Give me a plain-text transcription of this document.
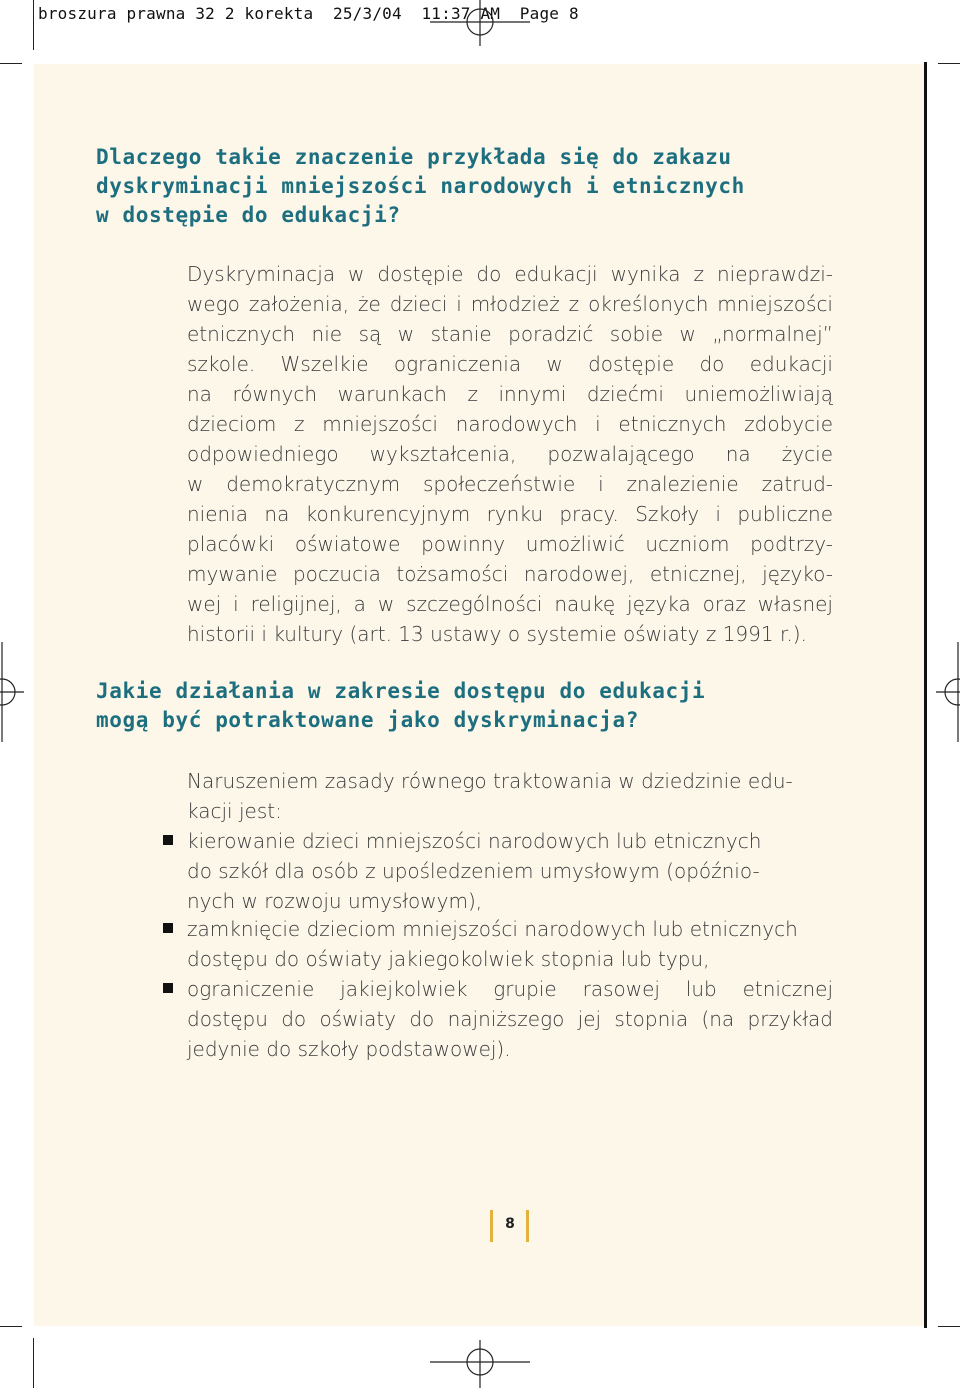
broszura prawna 32 2 korekta  25/3/04  11:37 AM  Page 8
Dlaczego takie znaczenie przykłada się do zakazu
dyskryminacji mniejszości narodowych i etnicznych
w dostępie do edukacji?
Dyskryminacja w dostępie do edukacji wynika z nieprawdzi-
wego założenia, że dzieci i młodzież z określonych mniejszości
etnicznych nie są w stanie poradzić sobie w „normalnej”
szkole. Wszelkie ograniczenia w dostępie do edukacji
na równych warunkach z innymi dziećmi uniemożliwiają
dzieciom z mniejszości narodowych i etnicznych zdobycie
odpowiedniego wykształcenia, pozwalającego na życie
w demokratycznym społeczeństwie i znalezienie zatrud-
nienia na konkurencyjnym rynku pracy. Szkoły i publiczne
placówki oświatowe powinny umożliwić uczniom podtrzy-
mywanie poczucia tożsamości narodowej, etnicznej, języko-
wej i religijnej, a w szczególności naukę języka oraz własnej
historii i kultury (art. 13 ustawy o systemie oświaty z 1991 r.).
Jakie działania w zakresie dostępu do edukacji
mogą być potraktowane jako dyskryminacja?
Naruszeniem zasady równego traktowania w dziedzinie edu-
kacji jest:
kierowanie dzieci mniejszości narodowych lub etnicznych
do szkół dla osób z upośledzeniem umysłowym (opóźnio-
nych w rozwoju umysłowym),
zamknięcie dzieciom mniejszości narodowych lub etnicznych
dostępu do oświaty jakiegokolwiek stopnia lub typu,
ograniczenie jakiejkolwiek grupie rasowej lub etnicznej
dostępu do oświaty do najniższego jej stopnia (na przykład
jedynie do szkoły podstawowej).
8
